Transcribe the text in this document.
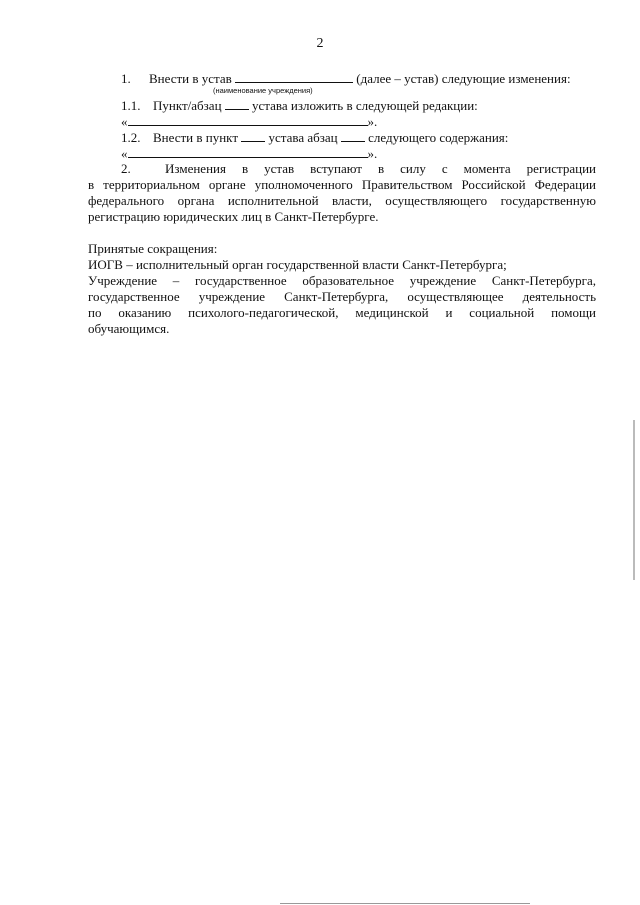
2
1. Внести в устав	(далее – устав) следующие изменения:
(наименование учреждения)
1.1. Пункт/абзац устава изложить в следующей редакции:
«	».
1.2. Внести в пункт устава абзац следующего содержания:
«	».
2.	Изменения в устав вступают в силу с момента регистрации
в территориальном органе уполномоченного Правительством Российской Федерации
федерального органа исполнительной власти, осуществляющего государственную
регистрацию юридических лиц в Санкт-Петербурге.
Принятые сокращения:
ИОГВ – исполнительный орган государственной власти Санкт-Петербурга;
Учреждение – государственное образовательное учреждение Санкт-Петербурга,
государственное учреждение Санкт-Петербурга, осуществляющее деятельность
по оказанию психолого-педагогической, медицинской и социальной помощи
обучающимся.
